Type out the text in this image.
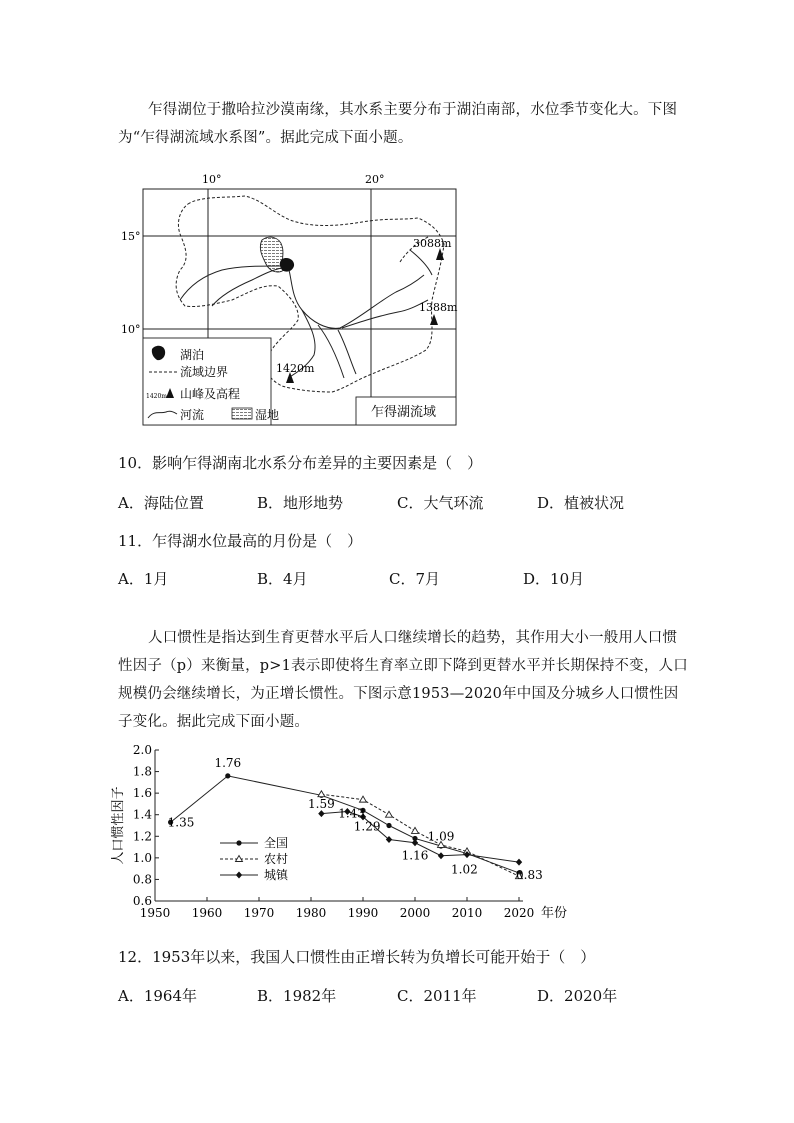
乍得湖位于撒哈拉沙漠南缘，其水系主要分布于湖泊南部，水位季节变化大。下图为“乍得湖流域水系图”。据此完成下面小题。

10°	20°
15°
10°
3088m
1388m
1420m
湖泊
流域边界
1420m 山峰及高程
河流	湿地	乍得湖流域

10．影响乍得湖南北水系分布差异的主要因素是（　）

A．海陆位置	B．地形地势	C．大气环流	D．植被状况

11．乍得湖水位最高的月份是（　）

A．1月	B．4月	C．7月	D．10月

人口惯性是指达到生育更替水平后人口继续增长的趋势，其作用大小一般用人口惯性因子（p）来衡量，p>1表示即使将生育率立即下降到更替水平并长期保持不变，人口规模仍会继续增长，为正增长惯性。下图示意1953—2020年中国及分城乡人口惯性因子变化。据此完成下面小题。

0.6
0.8
1.0
1.2
1.4
1.6
1.8
2.0
1950 1960 1970 1980 1990 2000 2010 2020
人口惯性因子
年份
1.35
1.76
1.59
1.43
1.29
1.09
1.16
1.02	0.83
全国
农村
城镇

12．1953年以来，我国人口惯性由正增长转为负增长可能开始于（　）

A．1964年	B．1982年	C．2011年	D．2020年
